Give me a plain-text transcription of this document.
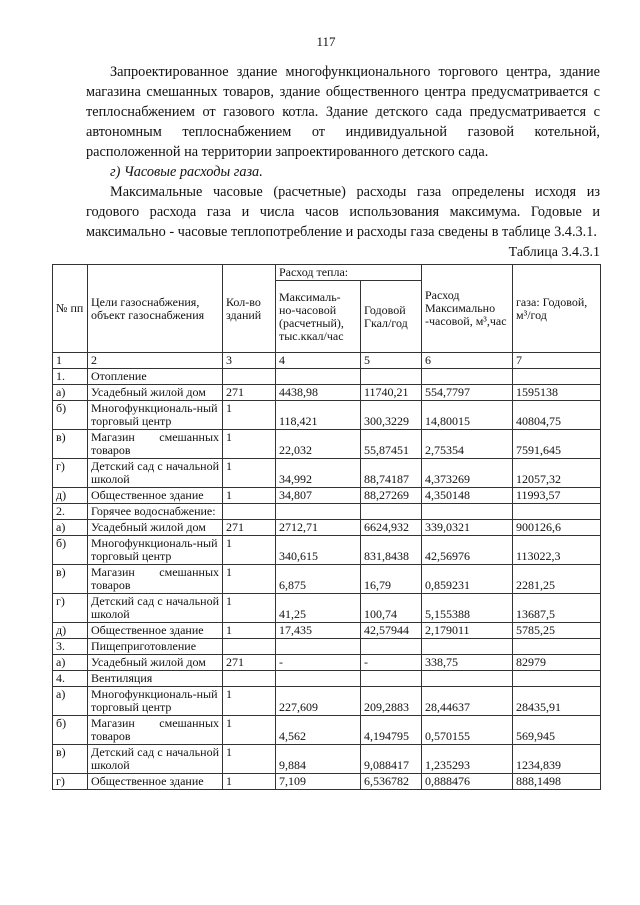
117

Запроектированное здание многофункционального торгового центра, здание магазина смешанных товаров, здание общественного центра предусматривается с теплоснабжением от газового котла. Здание детского сада предусматривается с автономным теплоснабжением от индивидуальной газовой котельной, расположенной на территории запроектированного детского сада.

г) Часовые расходы газа.

Максимальные часовые (расчетные) расходы газа определены исходя из годового расхода газа и числа часов использования максимума. Годовые и максимально - часовые теплопотребление и расходы газа сведены в таблице 3.4.3.1.

Таблица 3.4.3.1
№ пп	Цели газоснабжения, объект газоснабжения	Кол-во зданий	Расход тепла:		Расход Максимально -часовой, м³,час	газа: Годовой, м³/год
			Максималь-но-часовой (расчетный), тыс.ккал/час	Годовой Гкал/год		
1	2	3	4	5	6	7
1.	Отопление					
а)	Усадебный жилой дом	271	4438,98	11740,21	554,7797	1595138
б)	Многофункциональ-ный торговый центр	1	118,421	300,3229	14,80015	40804,75
в)	Магазин смешанных товаров	1	22,032	55,87451	2,75354	7591,645
г)	Детский сад с начальной школой	1	34,992	88,74187	4,373269	12057,32
д)	Общественное здание	1	34,807	88,27269	4,350148	11993,57
2.	Горячее водоснабжение:					
а)	Усадебный жилой дом	271	2712,71	6624,932	339,0321	900126,6
б)	Многофункциональ-ный торговый центр	1	340,615	831,8438	42,56976	113022,3
в)	Магазин смешанных товаров	1	6,875	16,79	0,859231	2281,25
г)	Детский сад с начальной школой	1	41,25	100,74	5,155388	13687,5
д)	Общественное здание	1	17,435	42,57944	2,179011	5785,25
3.	Пищеприготовление					
а)	Усадебный жилой дом	271	-	-	338,75	82979
4.	Вентиляция					
а)	Многофункциональ-ный торговый центр	1	227,609	209,2883	28,44637	28435,91
б)	Магазин смешанных товаров	1	4,562	4,194795	0,570155	569,945
в)	Детский сад с начальной школой	1	9,884	9,088417	1,235293	1234,839
г)	Общественное здание	1	7,109	6,536782	0,888476	888,1498
